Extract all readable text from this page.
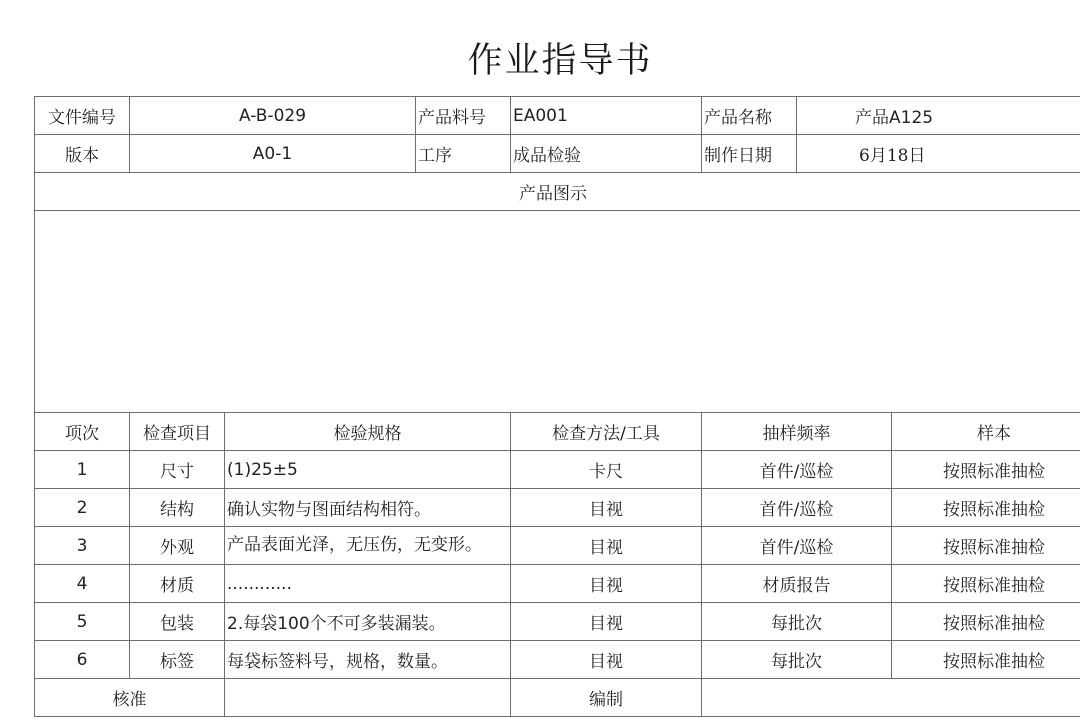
作业指导书
文件编号	A-B-029		产品料号	EA001	产品名称	产品A125	
版本	A0-1		工序	成品检验	制作日期	6月18日	
产品图示							

项次	检查项目	检验规格		检查方法/工具	抽样频率		样本
1	尺寸	(1)25±5		卡尺	首件/巡检		按照标准抽检
2	结构	确认实物与图面结构相符。		目视	首件/巡检		按照标准抽检
3	外观	产品表面光泽，无压伤，无变形。		目视	首件/巡检		按照标准抽检
4	材质	............		目视	材质报告		按照标准抽检
5	包装	2.每袋100个不可多装漏装。		目视	每批次		按照标准抽检
6	标签	每袋标签料号，规格，数量。		目视	每批次		按照标准抽检
核准				编制			
